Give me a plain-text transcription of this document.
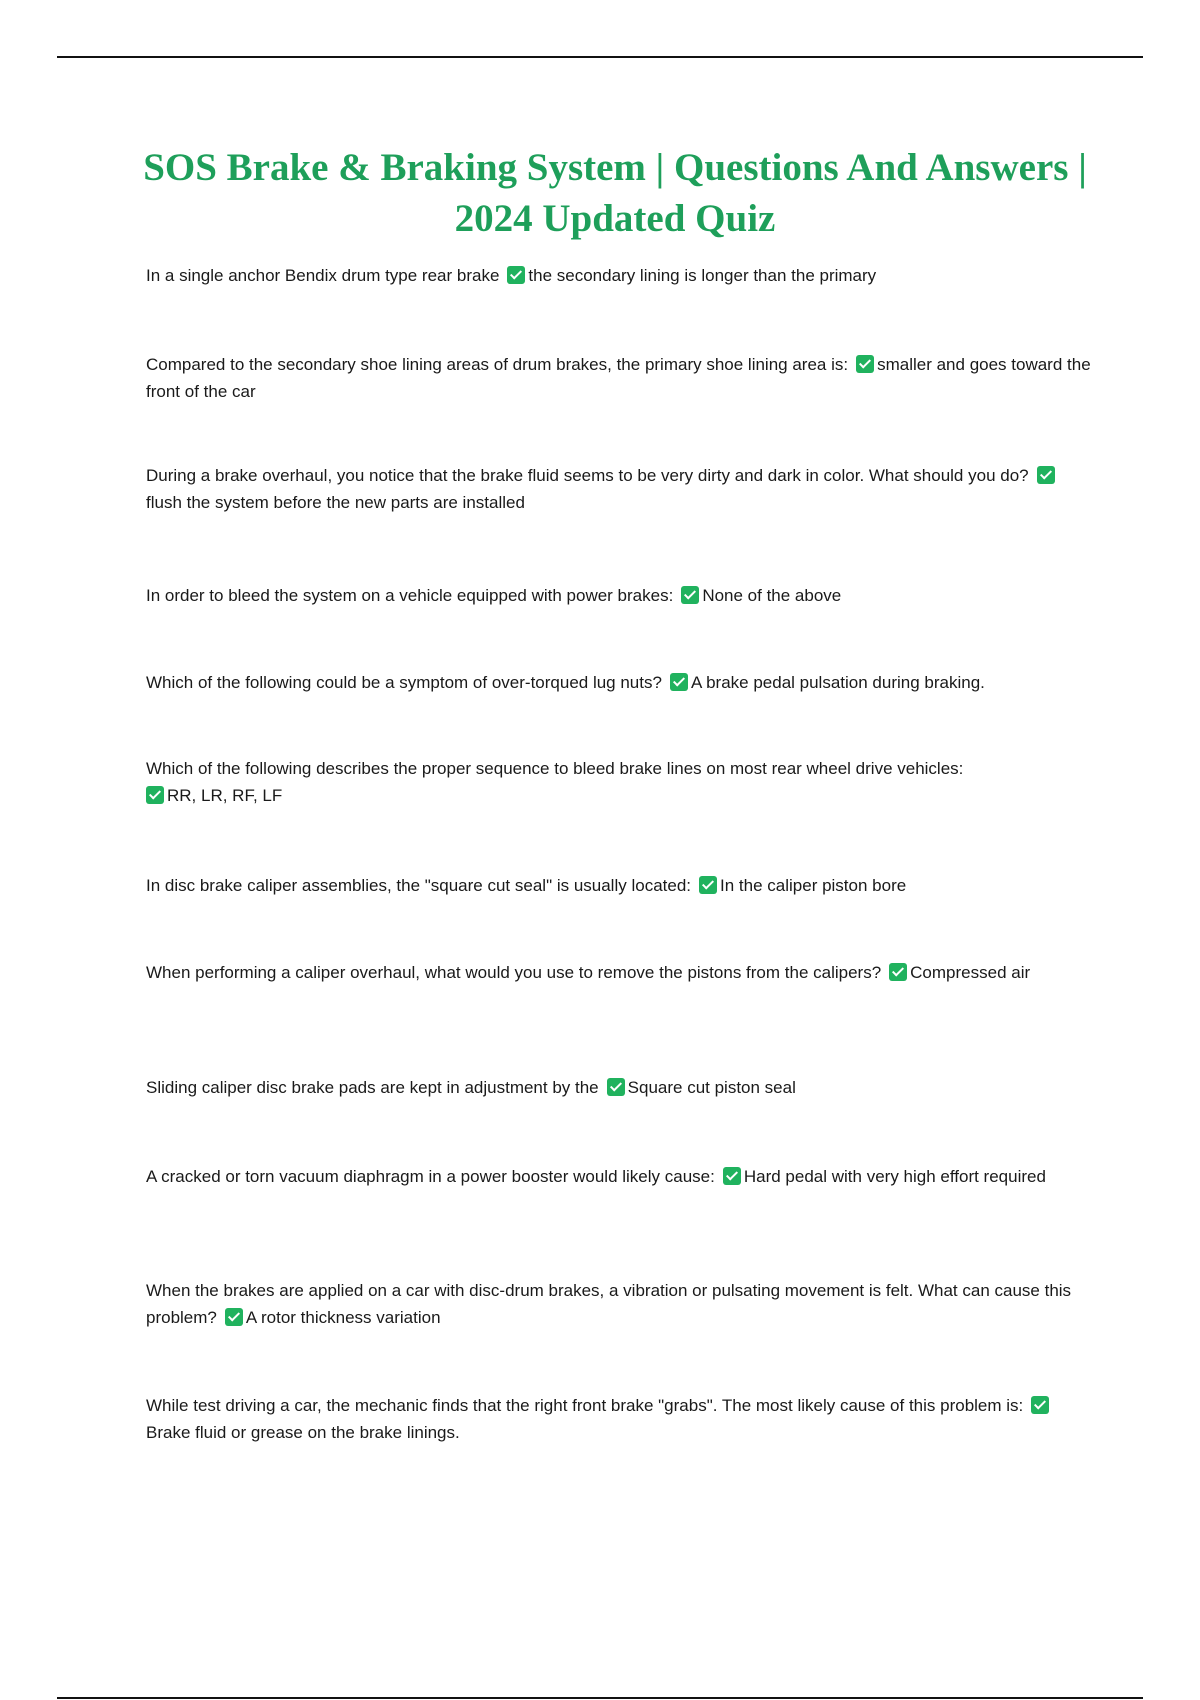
SOS Brake & Braking System | Questions And Answers | 2024 Updated Quiz

In a single anchor Bendix drum type rear brake the secondary lining is longer than the primary

Compared to the secondary shoe lining areas of drum brakes, the primary shoe lining area is: smaller and goes toward the front of the car

During a brake overhaul, you notice that the brake fluid seems to be very dirty and dark in color. What should you do?flush the system before the new parts are installed

In order to bleed the system on a vehicle equipped with power brakes: None of the above

Which of the following could be a symptom of over-torqued lug nuts? A brake pedal pulsation during braking.

Which of the following describes the proper sequence to bleed brake lines on most rear wheel drive vehicles:
RR, LR, RF, LF

In disc brake caliper assemblies, the "square cut seal" is usually located: In the caliper piston bore

When performing a caliper overhaul, what would you use to remove the pistons from the calipers? Compressed air

Sliding caliper disc brake pads are kept in adjustment by the Square cut piston seal

A cracked or torn vacuum diaphragm in a power booster would likely cause: Hard pedal with very high effort required

When the brakes are applied on a car with disc-drum brakes, a vibration or pulsating movement is felt. What can cause this problem? A rotor thickness variation

While test driving a car, the mechanic finds that the right front brake "grabs". The most likely cause of this problem is:Brake fluid or grease on the brake linings.
